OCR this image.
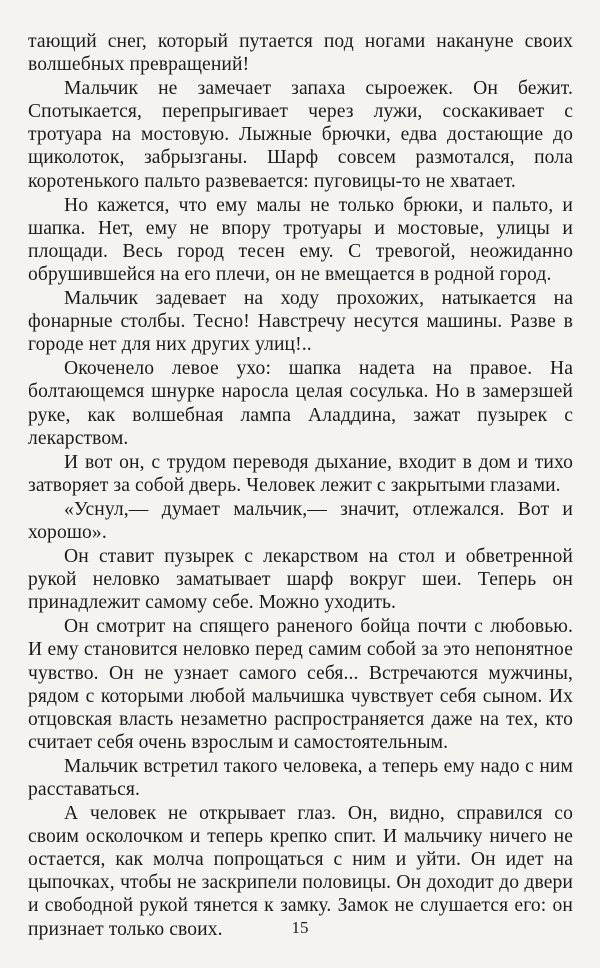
тающий снег, который путается под ногами накануне своих волшебных превращений!

Мальчик не замечает запаха сыроежек. Он бежит. Спотыкается, перепрыгивает через лужи, соскакивает с тротуара на мостовую. Лыжные брючки, едва достающие до щиколоток, забрызганы. Шарф совсем размотался, пола коротенького пальто развевается: пуговицы-то не хватает.

Но кажется, что ему малы не только брюки, и пальто, и шапка. Нет, ему не впору тротуары и мостовые, улицы и площади. Весь город тесен ему. С тревогой, неожиданно обрушившейся на его плечи, он не вмещается в родной город.

Мальчик задевает на ходу прохожих, натыкается на фонарные столбы. Тесно! Навстречу несутся машины. Разве в городе нет для них других улиц!..

Окоченело левое ухо: шапка надета на правое. На болтающемся шнурке наросла целая сосулька. Но в замерзшей руке, как волшебная лампа Аладдина, зажат пузырек с лекарством.

И вот он, с трудом переводя дыхание, входит в дом и тихо затворяет за собой дверь. Человек лежит с закрытыми глазами.

«Уснул,— думает мальчик,— значит, отлежался. Вот и хорошо».

Он ставит пузырек с лекарством на стол и обветренной рукой неловко заматывает шарф вокруг шеи. Теперь он принадлежит самому себе. Можно уходить.

Он смотрит на спящего раненого бойца почти с любовью. И ему становится неловко перед самим собой за это непонятное чувство. Он не узнает самого себя... Встречаются мужчины, рядом с которыми любой мальчишка чувствует себя сыном. Их отцовская власть незаметно распространяется даже на тех, кто считает себя очень взрослым и самостоятельным.

Мальчик встретил такого человека, а теперь ему надо с ним расставаться.

А человек не открывает глаз. Он, видно, справился со своим осколочком и теперь крепко спит. И мальчику ничего не остается, как молча попрощаться с ним и уйти. Он идет на цыпочках, чтобы не заскрипели половицы. Он доходит до двери и свободной рукой тянется к замку. Замок не слушается его: он признает только своих.	15
